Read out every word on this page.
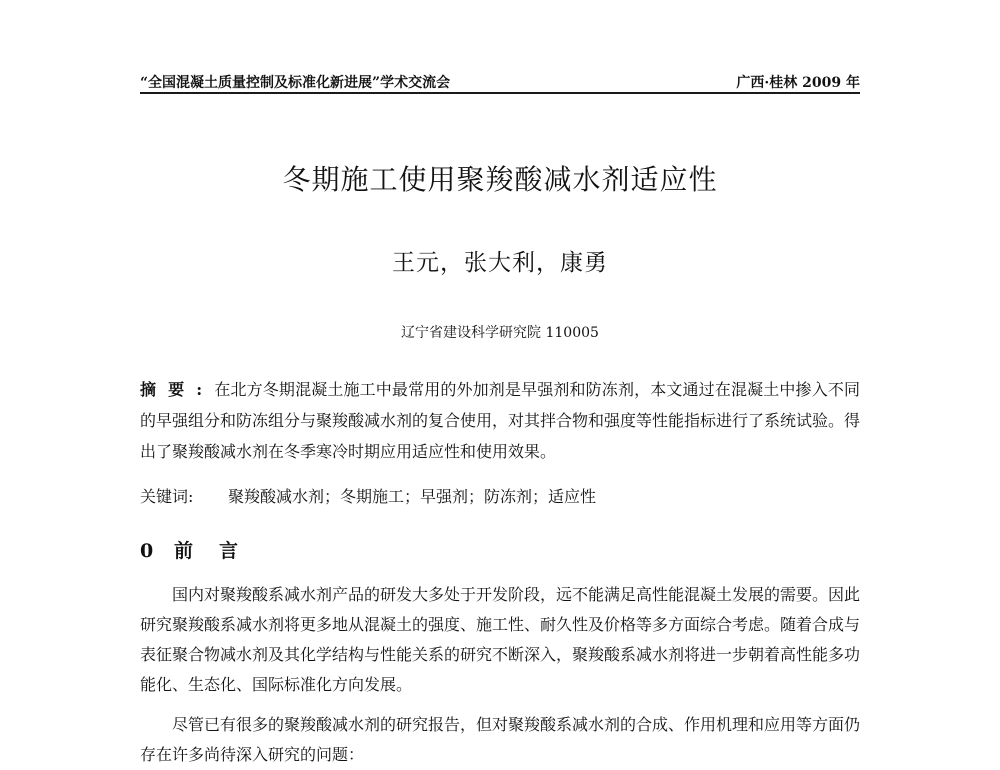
“全国混凝土质量控制及标准化新进展”学术交流会	广西·桂林 2009 年
冬期施工使用聚羧酸减水剂适应性
王元，张大利，康勇
辽宁省建设科学研究院 110005
摘要:在北方冬期混凝土施工中最常用的外加剂是早强剂和防冻剂，本文通过在混凝土中掺入不同的早强组分和防冻组分与聚羧酸减水剂的复合使用，对其拌合物和强度等性能指标进行了系统试验。得出了聚羧酸减水剂在冬季寒冷时期应用适应性和使用效果。
关键词: 聚羧酸减水剂；冬期施工；早强剂；防冻剂；适应性
0 前言
国内对聚羧酸系减水剂产品的研发大多处于开发阶段，远不能满足高性能混凝土发展的需要。因此研究聚羧酸系减水剂将更多地从混凝土的强度、施工性、耐久性及价格等多方面综合考虑。随着合成与表征聚合物减水剂及其化学结构与性能关系的研究不断深入，聚羧酸系减水剂将进一步朝着高性能多功能化、生态化、国际标准化方向发展。
尽管已有很多的聚羧酸减水剂的研究报告，但对聚羧酸系减水剂的合成、作用机理和应用等方面仍存在许多尚待深入研究的问题：
